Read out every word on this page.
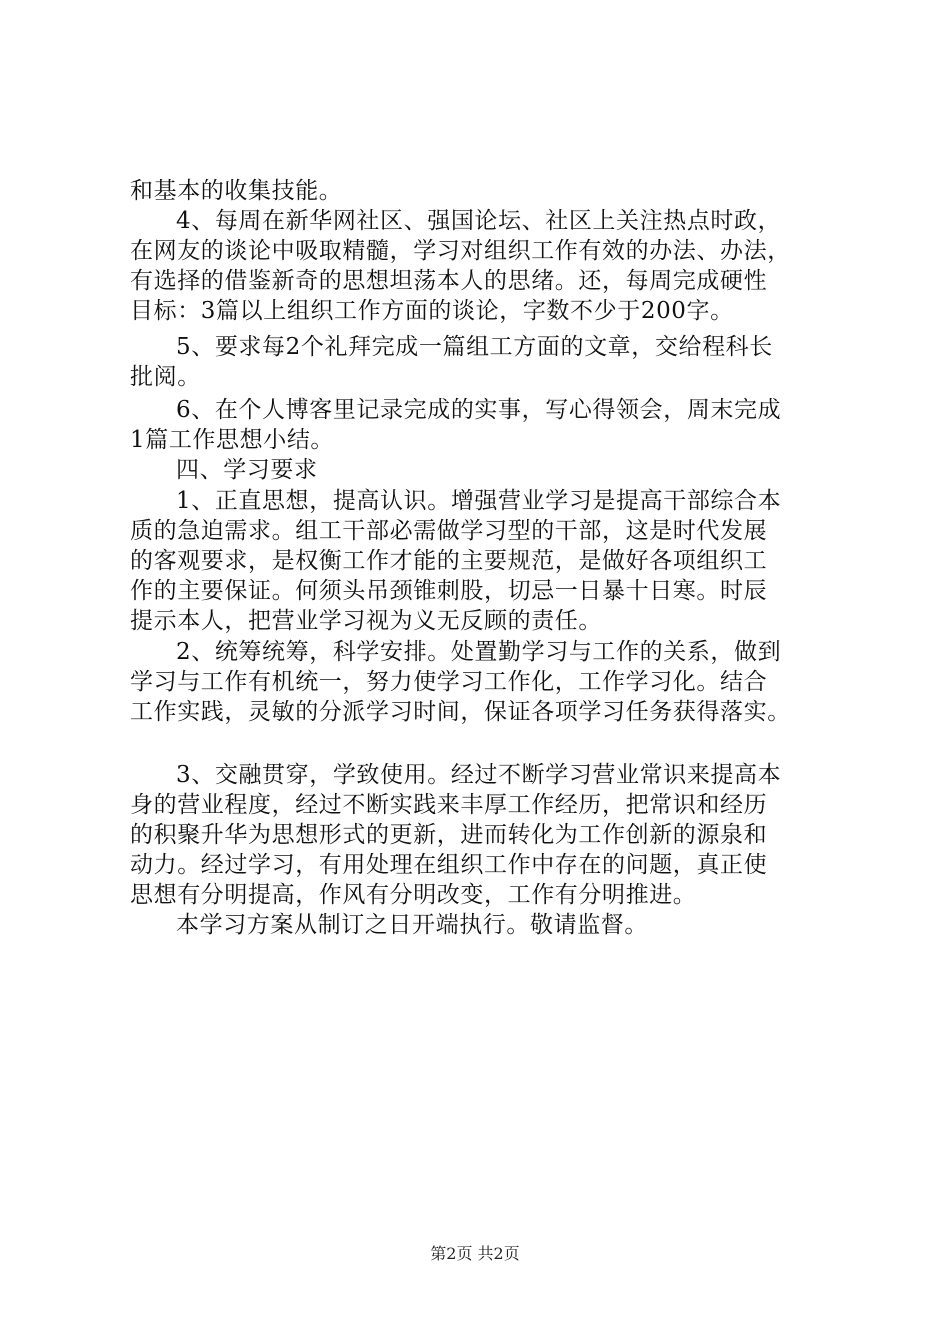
和基本的收集技能。
4、每周在新华网社区、强国论坛、社区上关注热点时政，
在网友的谈论中吸取精髓，学习对组织工作有效的办法、办法，
有选择的借鉴新奇的思想坦荡本人的思绪。还，每周完成硬性
目标：3篇以上组织工作方面的谈论，字数不少于200字。
5、要求每2个礼拜完成一篇组工方面的文章，交给程科长
批阅。
6、在个人博客里记录完成的实事，写心得领会，周末完成
1篇工作思想小结。
四、学习要求
1、正直思想，提高认识。增强营业学习是提高干部综合本
质的急迫需求。组工干部必需做学习型的干部，这是时代发展
的客观要求，是权衡工作才能的主要规范，是做好各项组织工
作的主要保证。何须头吊颈锥刺股，切忌一日暴十日寒。时辰
提示本人，把营业学习视为义无反顾的责任。
2、统筹统筹，科学安排。处置勤学习与工作的关系，做到
学习与工作有机统一，努力使学习工作化，工作学习化。结合
工作实践，灵敏的分派学习时间，保证各项学习任务获得落实。
3、交融贯穿，学致使用。经过不断学习营业常识来提高本
身的营业程度，经过不断实践来丰厚工作经历，把常识和经历
的积聚升华为思想形式的更新，进而转化为工作创新的源泉和
动力。经过学习，有用处理在组织工作中存在的问题，真正使
思想有分明提高，作风有分明改变，工作有分明推进。
本学习方案从制订之日开端执行。敬请监督。
第2页 共2页
